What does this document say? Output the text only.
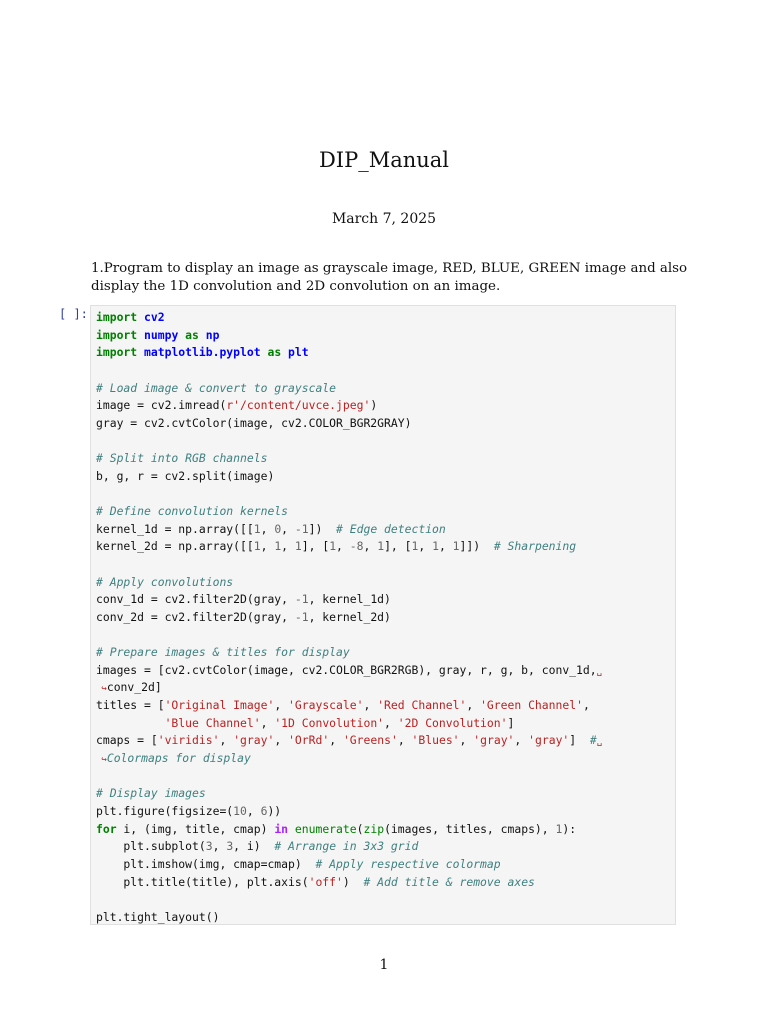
DIP_Manual
March 7, 2025

1.Program to display an image as grayscale image, RED, BLUE, GREEN image and also display the 1D convolution and 2D convolution on an image.

[ ]: import cv2
import numpy as np
import matplotlib.pyplot as plt

# Load image & convert to grayscale
image = cv2.imread(r'/content/uvce.jpeg')
gray = cv2.cvtColor(image, cv2.COLOR_BGR2GRAY)

# Split into RGB channels
b, g, r = cv2.split(image)

# Define convolution kernels
kernel_1d = np.array([[1, 0, -1])  # Edge detection
kernel_2d = np.array([[1, 1, 1], [1, -8, 1], [1, 1, 1]])  # Sharpening

# Apply convolutions
conv_1d = cv2.filter2D(gray, -1, kernel_1d)
conv_2d = cv2.filter2D(gray, -1, kernel_2d)

# Prepare images & titles for display
images = [cv2.cvtColor(image, cv2.COLOR_BGR2RGB), gray, r, g, b, conv_1d,␣
↪conv_2d]
titles = ['Original Image', 'Grayscale', 'Red Channel', 'Green Channel',
'Blue Channel', '1D Convolution', '2D Convolution']
cmaps = ['viridis', 'gray', 'OrRd', 'Greens', 'Blues', 'gray', 'gray']  #␣
↪Colormaps for display

# Display images
plt.figure(figsize=(10, 6))
for i, (img, title, cmap) in enumerate(zip(images, titles, cmaps), 1):
plt.subplot(3, 3, i)  # Arrange in 3x3 grid
plt.imshow(img, cmap=cmap)  # Apply respective colormap
plt.title(title), plt.axis('off')  # Add title & remove axes

plt.tight_layout()
1
